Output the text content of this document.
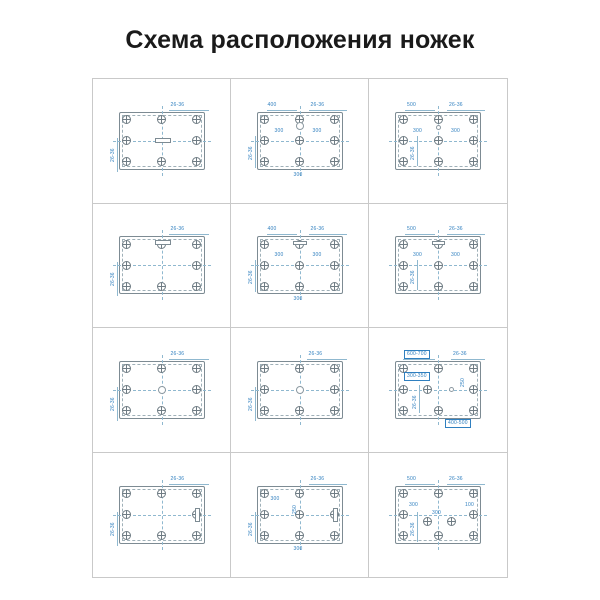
Схема расположения ножек
26-36
26-36
400	26-36
300	300
26-36
300
500	26-36
300	300
26-36
26-36
26-36
400	26-36
300	300
26-36
300
500	26-36
300	300
26-36
26-36
26-36
26-36
26-36
600-700	26-36
300-350
250
26-36
400-500
26-36
26-36
26-36
300
250
26-36
300
500	26-36
300	100
300
26-36
